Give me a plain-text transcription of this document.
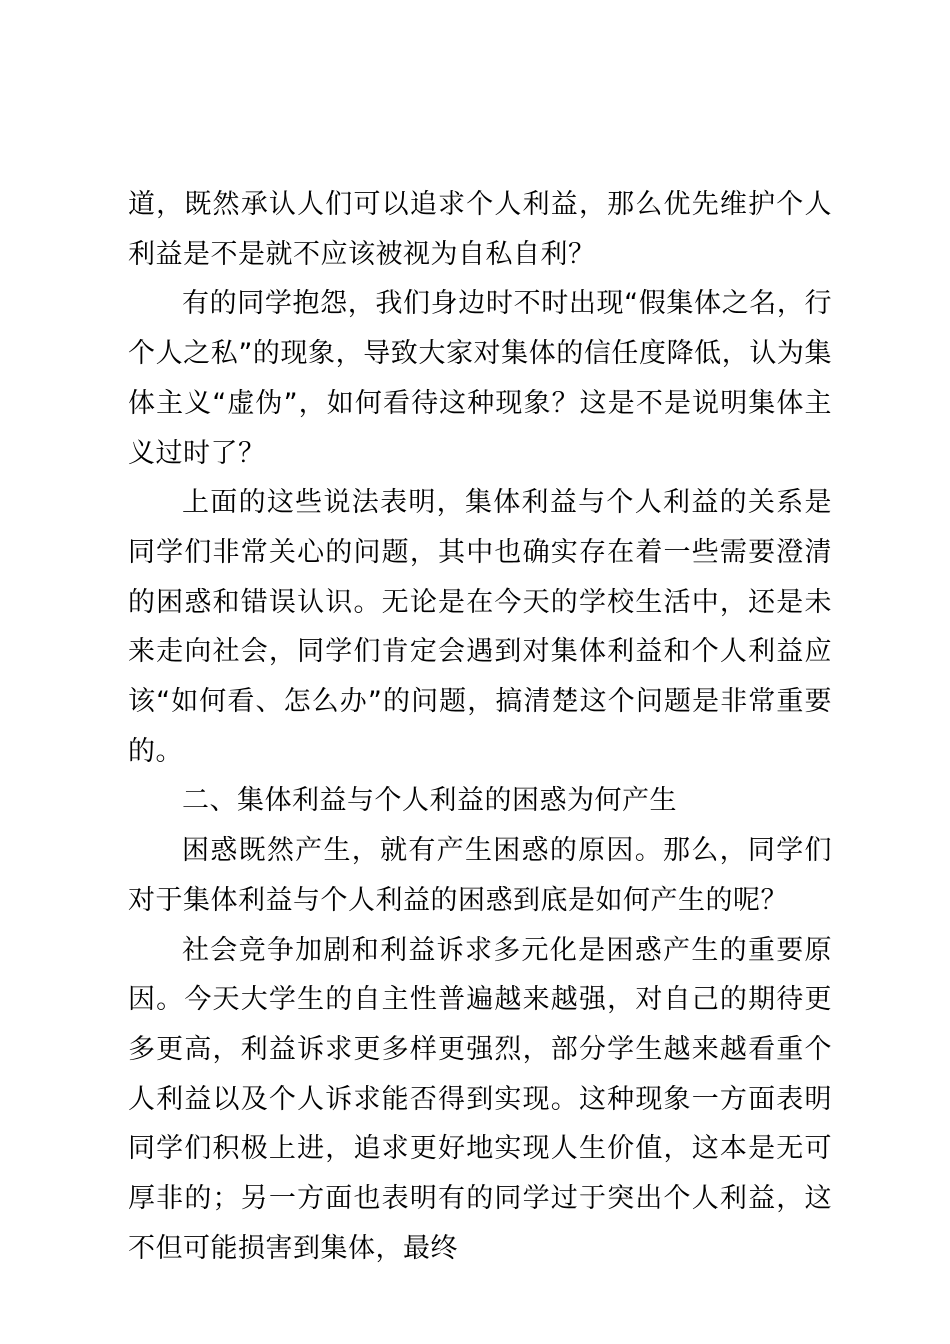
道，既然承认人们可以追求个人利益，那么优先维护个人利益是不是就不应该被视为自私自利？

有的同学抱怨，我们身边时不时出现“假集体之名，行个人之私”的现象，导致大家对集体的信任度降低，认为集体主义“虚伪”，如何看待这种现象？这是不是说明集体主义过时了？

上面的这些说法表明，集体利益与个人利益的关系是同学们非常关心的问题，其中也确实存在着一些需要澄清的困惑和错误认识。无论是在今天的学校生活中，还是未来走向社会，同学们肯定会遇到对集体利益和个人利益应该“如何看、怎么办”的问题，搞清楚这个问题是非常重要的。

二、集体利益与个人利益的困惑为何产生

困惑既然产生，就有产生困惑的原因。那么，同学们对于集体利益与个人利益的困惑到底是如何产生的呢？

社会竞争加剧和利益诉求多元化是困惑产生的重要原因。今天大学生的自主性普遍越来越强，对自己的期待更多更高，利益诉求更多样更强烈，部分学生越来越看重个人利益以及个人诉求能否得到实现。这种现象一方面表明同学们积极上进，追求更好地实现人生价值，这本是无可厚非的；另一方面也表明有的同学过于突出个人利益，这不但可能损害到集体，最终
